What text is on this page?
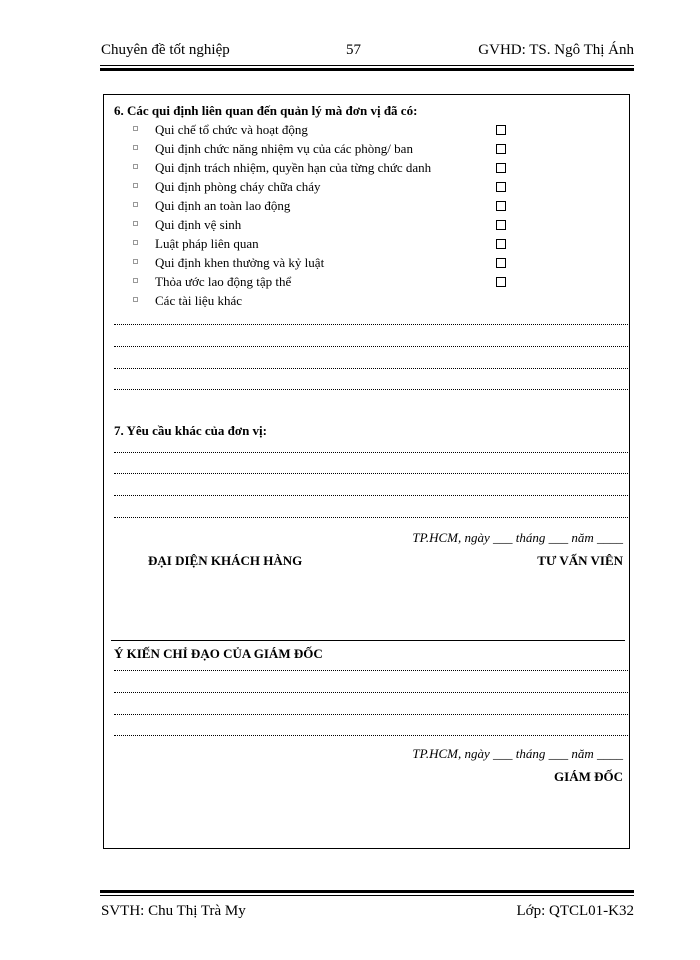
Chuyên đề tốt nghiệp	57	GVHD: TS. Ngô Thị Ánh
6. Các qui định liên quan đến quản lý mà đơn vị đã có:
Qui chế tổ chức và hoạt động
Qui định chức năng nhiệm vụ của các phòng/ ban
Qui định trách nhiệm, quyền hạn của từng chức danh
Qui định phòng cháy chữa cháy
Qui định an toàn lao động
Qui định vệ sinh
Luật pháp liên quan
Qui định khen thưởng và kỷ luật
Thỏa ước lao động tập thể
Các tài liệu khác
7. Yêu cầu khác của đơn vị:
TP.HCM, ngày ___ tháng ___ năm ____
ĐẠI DIỆN KHÁCH HÀNG	TƯ VẤN VIÊN
Ý KIẾN CHỈ ĐẠO CỦA GIÁM ĐỐC
TP.HCM, ngày ___ tháng ___ năm ____
GIÁM ĐỐC
SVTH: Chu Thị Trà My	Lớp: QTCL01-K32
